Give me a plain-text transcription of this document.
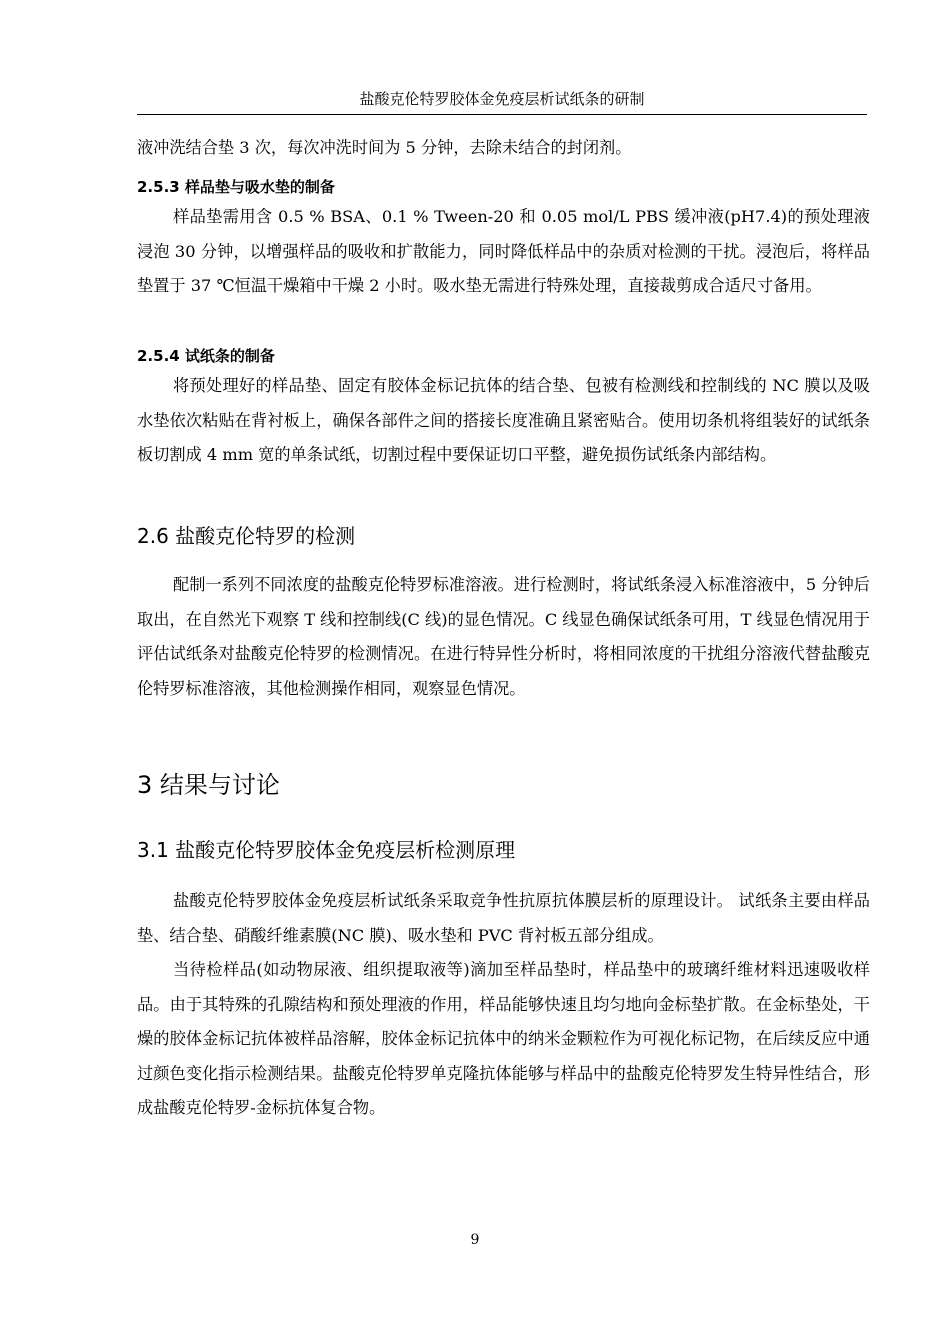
盐酸克伦特罗胶体金免疫层析试纸条的研制

液冲洗结合垫 3 次，每次冲洗时间为 5 分钟，去除未结合的封闭剂。

2.5.3 样品垫与吸水垫的制备

样品垫需用含 0.5 % BSA、0.1 % Tween-20 和 0.05 mol/L PBS 缓冲液(pH7.4)的预处理液浸泡 30 分钟，以增强样品的吸收和扩散能力，同时降低样品中的杂质对检测的干扰。浸泡后，将样品垫置于 37 ℃恒温干燥箱中干燥 2 小时。吸水垫无需进行特殊处理，直接裁剪成合适尺寸备用。

2.5.4 试纸条的制备

将预处理好的样品垫、固定有胶体金标记抗体的结合垫、包被有检测线和控制线的 NC 膜以及吸水垫依次粘贴在背衬板上，确保各部件之间的搭接长度准确且紧密贴合。使用切条机将组装好的试纸条板切割成 4 mm 宽的单条试纸，切割过程中要保证切口平整，避免损伤试纸条内部结构。

2.6 盐酸克伦特罗的检测

配制一系列不同浓度的盐酸克伦特罗标准溶液。进行检测时，将试纸条浸入标准溶液中，5 分钟后取出，在自然光下观察 T 线和控制线(C 线)的显色情况。C 线显色确保试纸条可用，T 线显色情况用于评估试纸条对盐酸克伦特罗的检测情况。在进行特异性分析时，将相同浓度的干扰组分溶液代替盐酸克伦特罗标准溶液，其他检测操作相同，观察显色情况。

3 结果与讨论
3.1 盐酸克伦特罗胶体金免疫层析检测原理

盐酸克伦特罗胶体金免疫层析试纸条采取竞争性抗原抗体膜层析的原理设计。 试纸条主要由样品垫、结合垫、硝酸纤维素膜(NC 膜)、吸水垫和 PVC 背衬板五部分组成。

当待检样品(如动物尿液、组织提取液等)滴加至样品垫时，样品垫中的玻璃纤维材料迅速吸收样品。由于其特殊的孔隙结构和预处理液的作用，样品能够快速且均匀地向金标垫扩散。在金标垫处，干燥的胶体金标记抗体被样品溶解，胶体金标记抗体中的纳米金颗粒作为可视化标记物，在后续反应中通过颜色变化指示检测结果。盐酸克伦特罗单克隆抗体能够与样品中的盐酸克伦特罗发生特异性结合，形成盐酸克伦特罗-金标抗体复合物。

9
